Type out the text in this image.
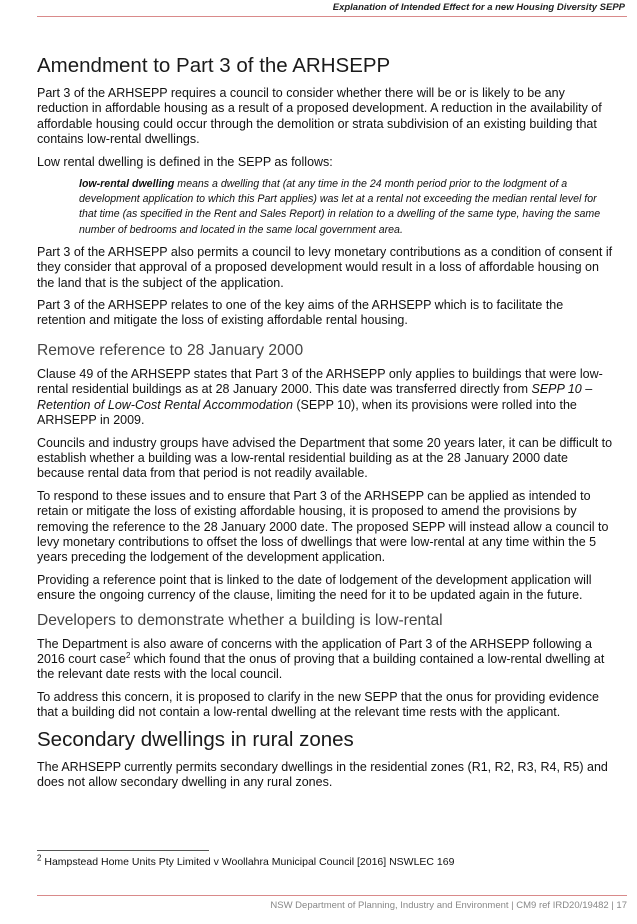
Explanation of Intended Effect for a new Housing Diversity SEPP
Amendment to Part 3 of the ARHSEPP

Part 3 of the ARHSEPP requires a council to consider whether there will be or is likely to be any reduction in affordable housing as a result of a proposed development. A reduction in the availability of affordable housing could occur through the demolition or strata subdivision of an existing building that contains low-rental dwellings.

Low rental dwelling is defined in the SEPP as follows:

low-rental dwelling means a dwelling that (at any time in the 24 month period prior to the lodgment of a development application to which this Part applies) was let at a rental not exceeding the median rental level for that time (as specified in the Rent and Sales Report) in relation to a dwelling of the same type, having the same number of bedrooms and located in the same local government area.

Part 3 of the ARHSEPP also permits a council to levy monetary contributions as a condition of consent if they consider that approval of a proposed development would result in a loss of affordable housing on the land that is the subject of the application.

Part 3 of the ARHSEPP relates to one of the key aims of the ARHSEPP which is to facilitate the retention and mitigate the loss of existing affordable rental housing.

Remove reference to 28 January 2000

Clause 49 of the ARHSEPP states that Part 3 of the ARHSEPP only applies to buildings that were low-rental residential buildings as at 28 January 2000. This date was transferred directly from SEPP 10 – Retention of Low-Cost Rental Accommodation (SEPP 10), when its provisions were rolled into the ARHSEPP in 2009.

Councils and industry groups have advised the Department that some 20 years later, it can be difficult to establish whether a building was a low-rental residential building as at the 28 January 2000 date because rental data from that period is not readily available.

To respond to these issues and to ensure that Part 3 of the ARHSEPP can be applied as intended to retain or mitigate the loss of existing affordable housing, it is proposed to amend the provisions by removing the reference to the 28 January 2000 date. The proposed SEPP will instead allow a council to levy monetary contributions to offset the loss of dwellings that were low-rental at any time within the 5 years preceding the lodgement of the development application.

Providing a reference point that is linked to the date of lodgement of the development application will ensure the ongoing currency of the clause, limiting the need for it to be updated again in the future.

Developers to demonstrate whether a building is low-rental

The Department is also aware of concerns with the application of Part 3 of the ARHSEPP following a 2016 court case$^2$ which found that the onus of proving that a building contained a low-rental dwelling at the relevant date rests with the local council.

To address this concern, it is proposed to clarify in the new SEPP that the onus for providing evidence that a building did not contain a low-rental dwelling at the relevant time rests with the applicant.

Secondary dwellings in rural zones

The ARHSEPP currently permits secondary dwellings in the residential zones (R1, R2, R3, R4, R5) and does not allow secondary dwelling in any rural zones.

$^2$ Hampstead Home Units Pty Limited v Woollahra Municipal Council [2016] NSWLEC 169
NSW Department of Planning, Industry and Environment | CM9 ref IRD20/19482 | 17
